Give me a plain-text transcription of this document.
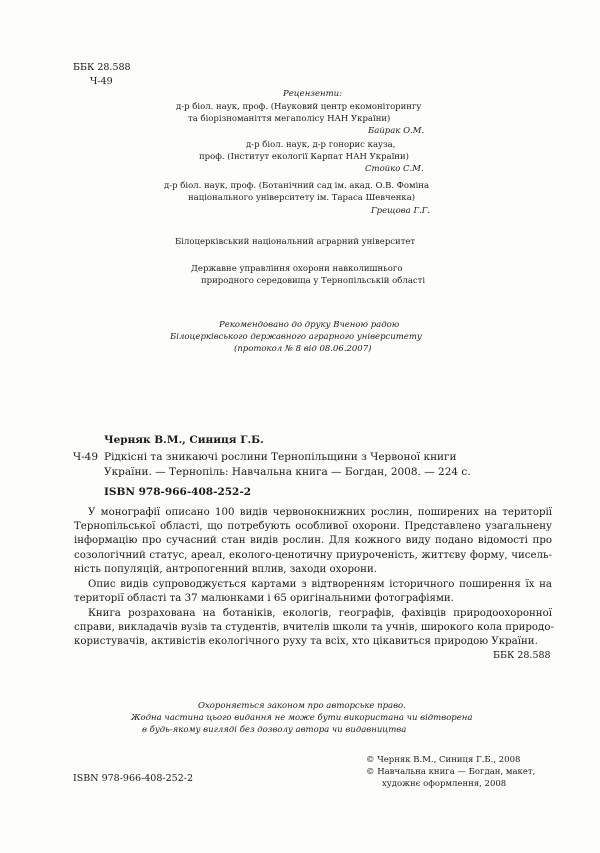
ББК 28.588
Ч-49
Рецензенти:
д-р біол. наук, проф. (Науковий центр екомоніторингу
та біорізноманіття мегаполісу НАН України)
Байрак О.М.
д-р біол. наук, д-р гонорис кауза,
проф. (Інститут екології Карпат НАН України)
Стойко С.М.
д-р біол. наук, проф. (Ботанічний сад ім. акад. О.В. Фоміна
національного університету ім. Тараса Шевченка)
Грещова Г.Г.
Білоцерківський національний аграрний університет
Державне управління охорони навколишнього
природного середовища у Тернопільській області
Рекомендовано до друку Вченою радою
Білоцерківського державного аграрного університету
(протокол № 8 від 08.06.2007)
Черняк В.М., Синиця Г.Б.
Ч-49 Рідкісні та зникаючі рослини Тернопільщини з Червоної книги
України. — Тернопіль: Навчальна книга — Богдан, 2008. — 224 с.
ISBN 978-966-408-252-2
У монографії описано 100 видів червонокнижних рослин, поширених на території
Тернопільської області, що потребують особливої охорони. Представлено узагальнену
інформацію про сучасний стан видів рослин. Для кожного виду подано відомості про
созологічний статус, ареал, еколого-ценотичну приуроченість, життєву форму, чисель-
ність популяцій, антропогенний вплив, заходи охорони.
Опис видів супроводжується картами з відтворенням історичного поширення їх на
території області та 37 малюнками і 65 оригінальними фотографіями.
Книга розрахована на ботаніків, екологів, географів, фахівців природоохоронної
справи, викладачів вузів та студентів, вчителів школи та учнів, широкого кола природо-
користувачів, активістів екологічного руху та всіх, хто цікавиться природою України.
ББК 28.588
Охороняється законом про авторське право.
Жодна частина цього видання не може бути використана чи відтворена
в будь-якому вигляді без дозволу автора чи видавництва
ISBN 978-966-408-252-2
© Черняк В.М., Синиця Г.Б., 2008
© Навчальна книга — Богдан, макет,
художнє оформлення, 2008
